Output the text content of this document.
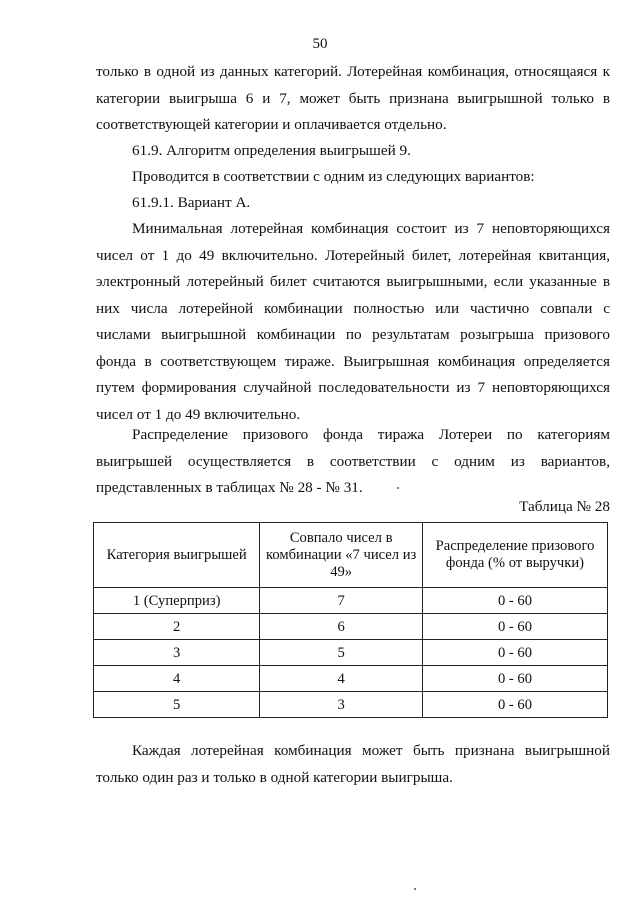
50

только в одной из данных категорий. Лотерейная комбинация, относящаяся к категории выигрыша 6 и 7, может быть признана выигрышной только в соответствующей категории и оплачивается отдельно.

61.9. Алгоритм определения выигрышей 9.

Проводится в соответствии с одним из следующих вариантов:

61.9.1. Вариант А.

Минимальная лотерейная комбинация состоит из 7 неповторяющихся чисел от 1 до 49 включительно. Лотерейный билет, лотерейная квитанция, электронный лотерейный билет считаются выигрышными, если указанные в них числа лотерейной комбинации полностью или частично совпали с числами выигрышной комбинации по результатам розыгрыша призового фонда в соответствующем тираже. Выигрышная комбинация определяется путем формирования случайной последовательности из 7 неповторяющихся чисел от 1 до 49 включительно.

Распределение призового фонда тиража Лотереи по категориям выигрышей осуществляется в соответствии с одним из вариантов, представленных в таблицах № 28 - № 31.

Таблица № 28
Категория выигрышей	Совпало чисел в комбинации «7 чисел из 49»	Распределение призового фонда (% от выручки)
1 (Суперприз)	7	0 - 60
2	6	0 - 60
3	5	0 - 60
4	4	0 - 60
5	3	0 - 60

Каждая лотерейная комбинация может быть признана выигрышной только один раз и только в одной категории выигрыша.
